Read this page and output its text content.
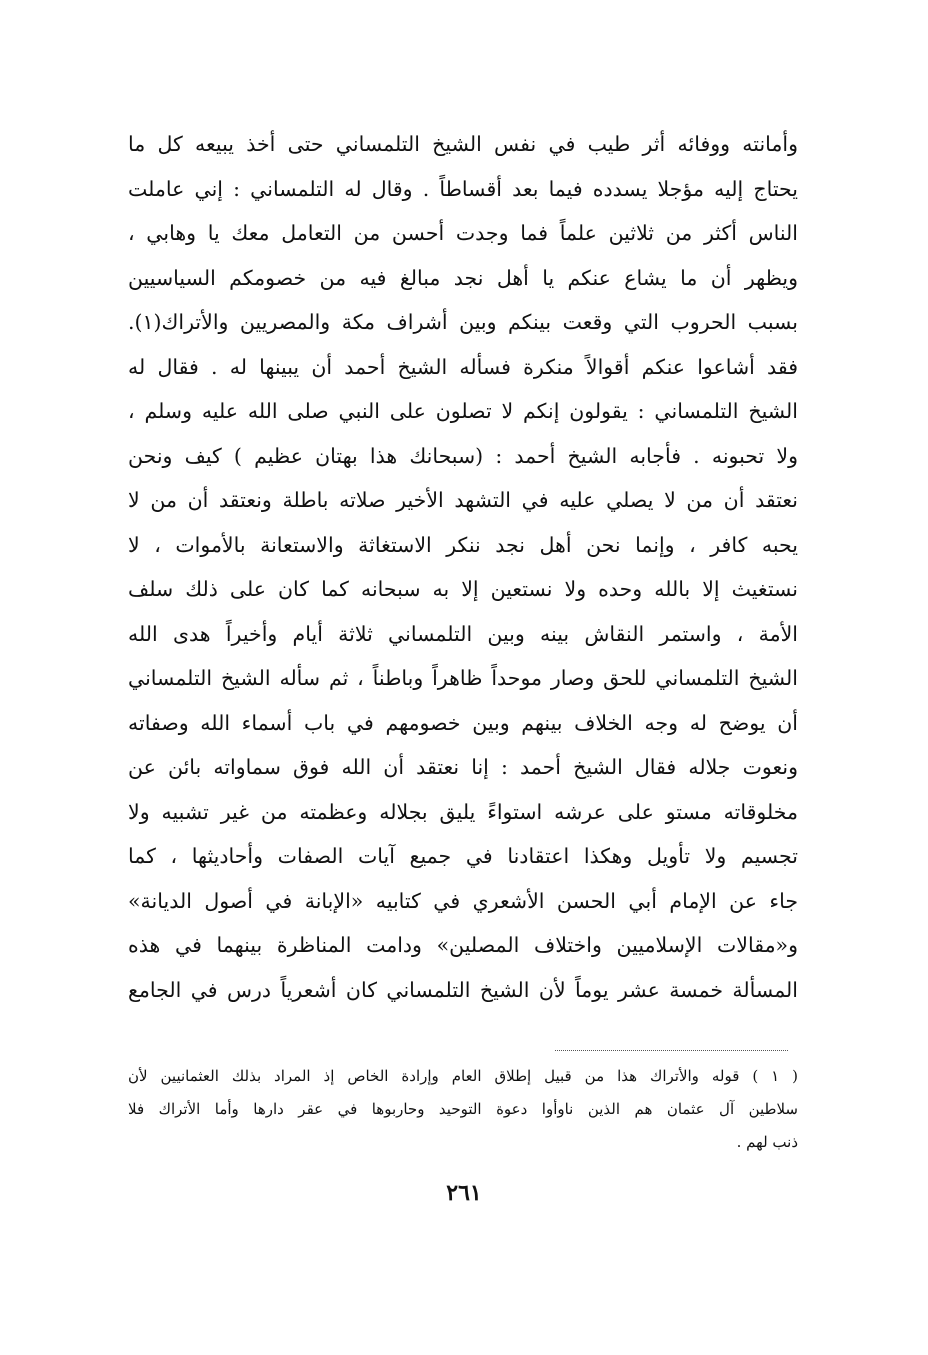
وأمانته ووفائه أثر طيب في نفس الشيخ التلمساني حتى أخذ يبيعه كل ما
يحتاج إليه مؤجلا يسدده فيما بعد أقساطاً . وقال له التلمساني : إني عاملت
الناس أكثر من ثلاثين علماً فما وجدت أحسن من التعامل معك يا وهابي ،
ويظهر أن ما يشاع عنكم يا أهل نجد مبالغ فيه من خصومكم السياسيين
بسبب الحروب التي وقعت بينكم وبين أشراف مكة والمصريين والأتراك(١).
فقد أشاعوا عنكم أقوالاً منكرة فسأله الشيخ أحمد أن يبينها له . فقال له
الشيخ التلمساني : يقولون إنكم لا تصلون على النبي صلى الله عليه وسلم ،
ولا تحبونه . فأجابه الشيخ أحمد : (سبحانك هذا بهتان عظيم ) كيف ونحن
نعتقد أن من لا يصلي عليه في التشهد الأخير صلاته باطلة ونعتقد أن من لا
يحبه كافر ، وإنما نحن أهل نجد ننكر الاستغاثة والاستعانة بالأموات ، لا
نستغيث إلا بالله وحده ولا نستعين إلا به سبحانه كما كان على ذلك سلف
الأمة ، واستمر النقاش بينه وبين التلمساني ثلاثة أيام وأخيراً هدى الله
الشيخ التلمساني للحق وصار موحداً ظاهراً وباطناً ، ثم سأله الشيخ التلمساني
أن يوضح له وجه الخلاف بينهم وبين خصومهم في باب أسماء الله وصفاته
ونعوت جلاله فقال الشيخ أحمد : إنا نعتقد أن الله فوق سماواته بائن عن
مخلوقاته مستو على عرشه استواءً يليق بجلاله وعظمته من غير تشبيه ولا
تجسيم ولا تأويل وهكذا اعتقادنا في جميع آيات الصفات وأحاديثها ، كما
جاء عن الإمام أبي الحسن الأشعري في كتابيه «الإبانة في أصول الديانة»
و«مقالات الإسلاميين واختلاف المصلين» ودامت المناظرة بينهما في هذه
المسألة خمسة عشر يوماً لأن الشيخ التلمساني كان أشعرياً درس في الجامع
( ١ ) قوله والأتراك هذا من قبيل إطلاق العام وإرادة الخاص إذ المراد بذلك العثمانيين لأن
سلاطين آل عثمان هم الذين ناوأوا دعوة التوحيد وحاربوها في عقر دارها وأما الأتراك فلا
ذنب لهم .
٢٦١
